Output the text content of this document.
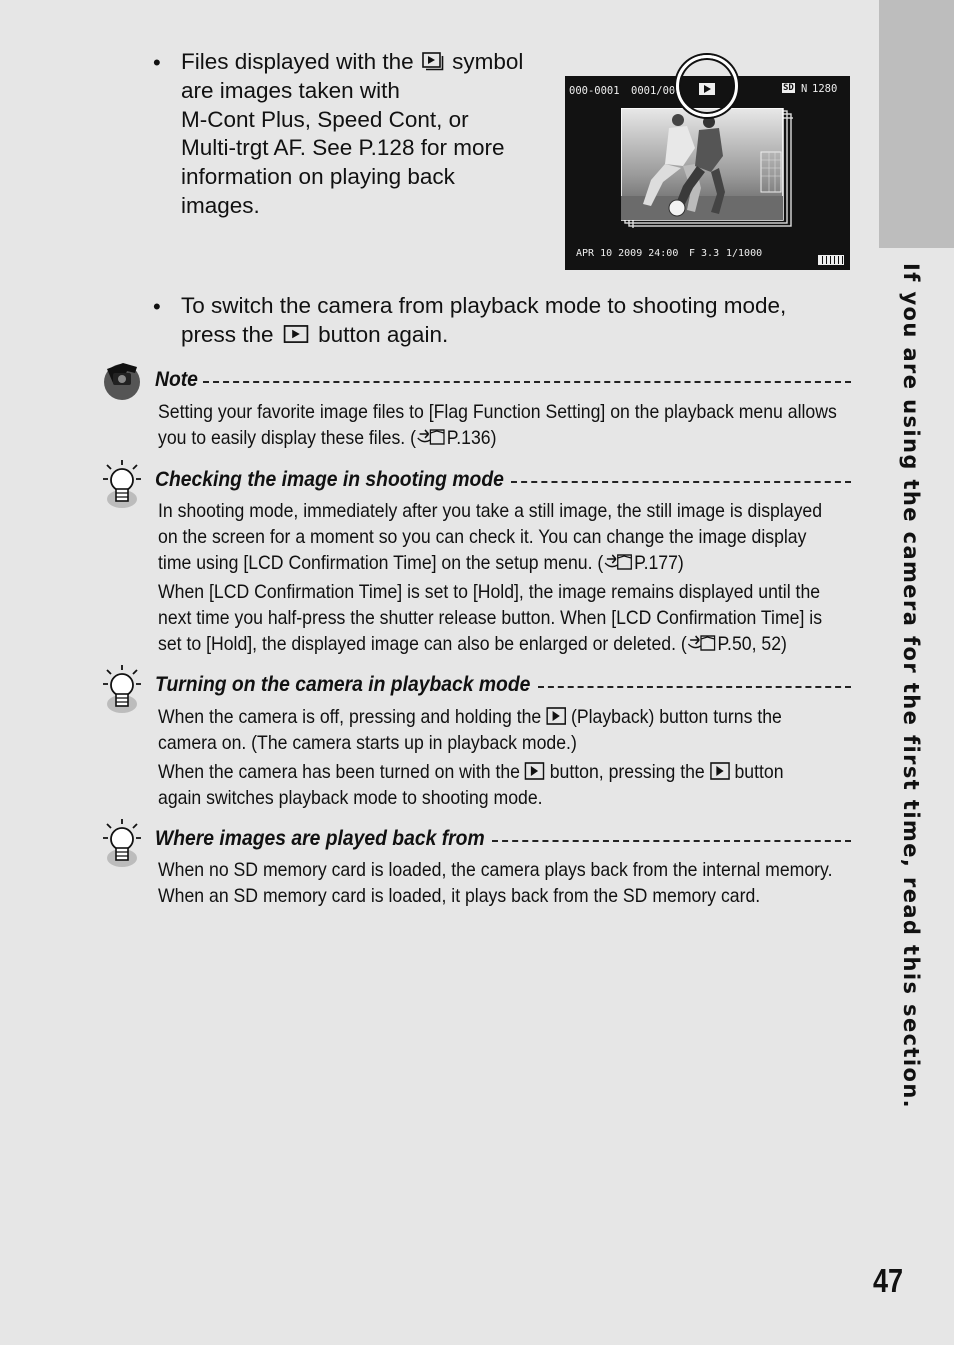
If you are using the camera for the first time, read this section.
• Files displayed with the symbol
are images taken with
M-Cont Plus, Speed Cont, or
Multi-trgt AF. See P.128 for more
information on playing back
images.
000-0001 0001/000	SD N 1280
APR 10 2009 24:00 F 3.3 1/1000
• To switch the camera from playback mode to shooting mode,
press the button again.
Note

Setting your favorite image files to [Flag Function Setting] on the playback menu allows
you to easily display these files. ( P.136)

Checking the image in shooting mode

In shooting mode, immediately after you take a still image, the still image is displayed
on the screen for a moment so you can check it. You can change the image display
time using [LCD Confirmation Time] on the setup menu. ( P.177)

When [LCD Confirmation Time] is set to [Hold], the image remains displayed until the
next time you half-press the shutter release button. When [LCD Confirmation Time] is
set to [Hold], the displayed image can also be enlarged or deleted. ( P.50, 52)

Turning on the camera in playback mode

When the camera is off, pressing and holding the (Playback) button turns the
camera on. (The camera starts up in playback mode.)

When the camera has been turned on with the button, pressing the button
again switches playback mode to shooting mode.

Where images are played back from

When no SD memory card is loaded, the camera plays back from the internal memory.
When an SD memory card is loaded, it plays back from the SD memory card.

47
